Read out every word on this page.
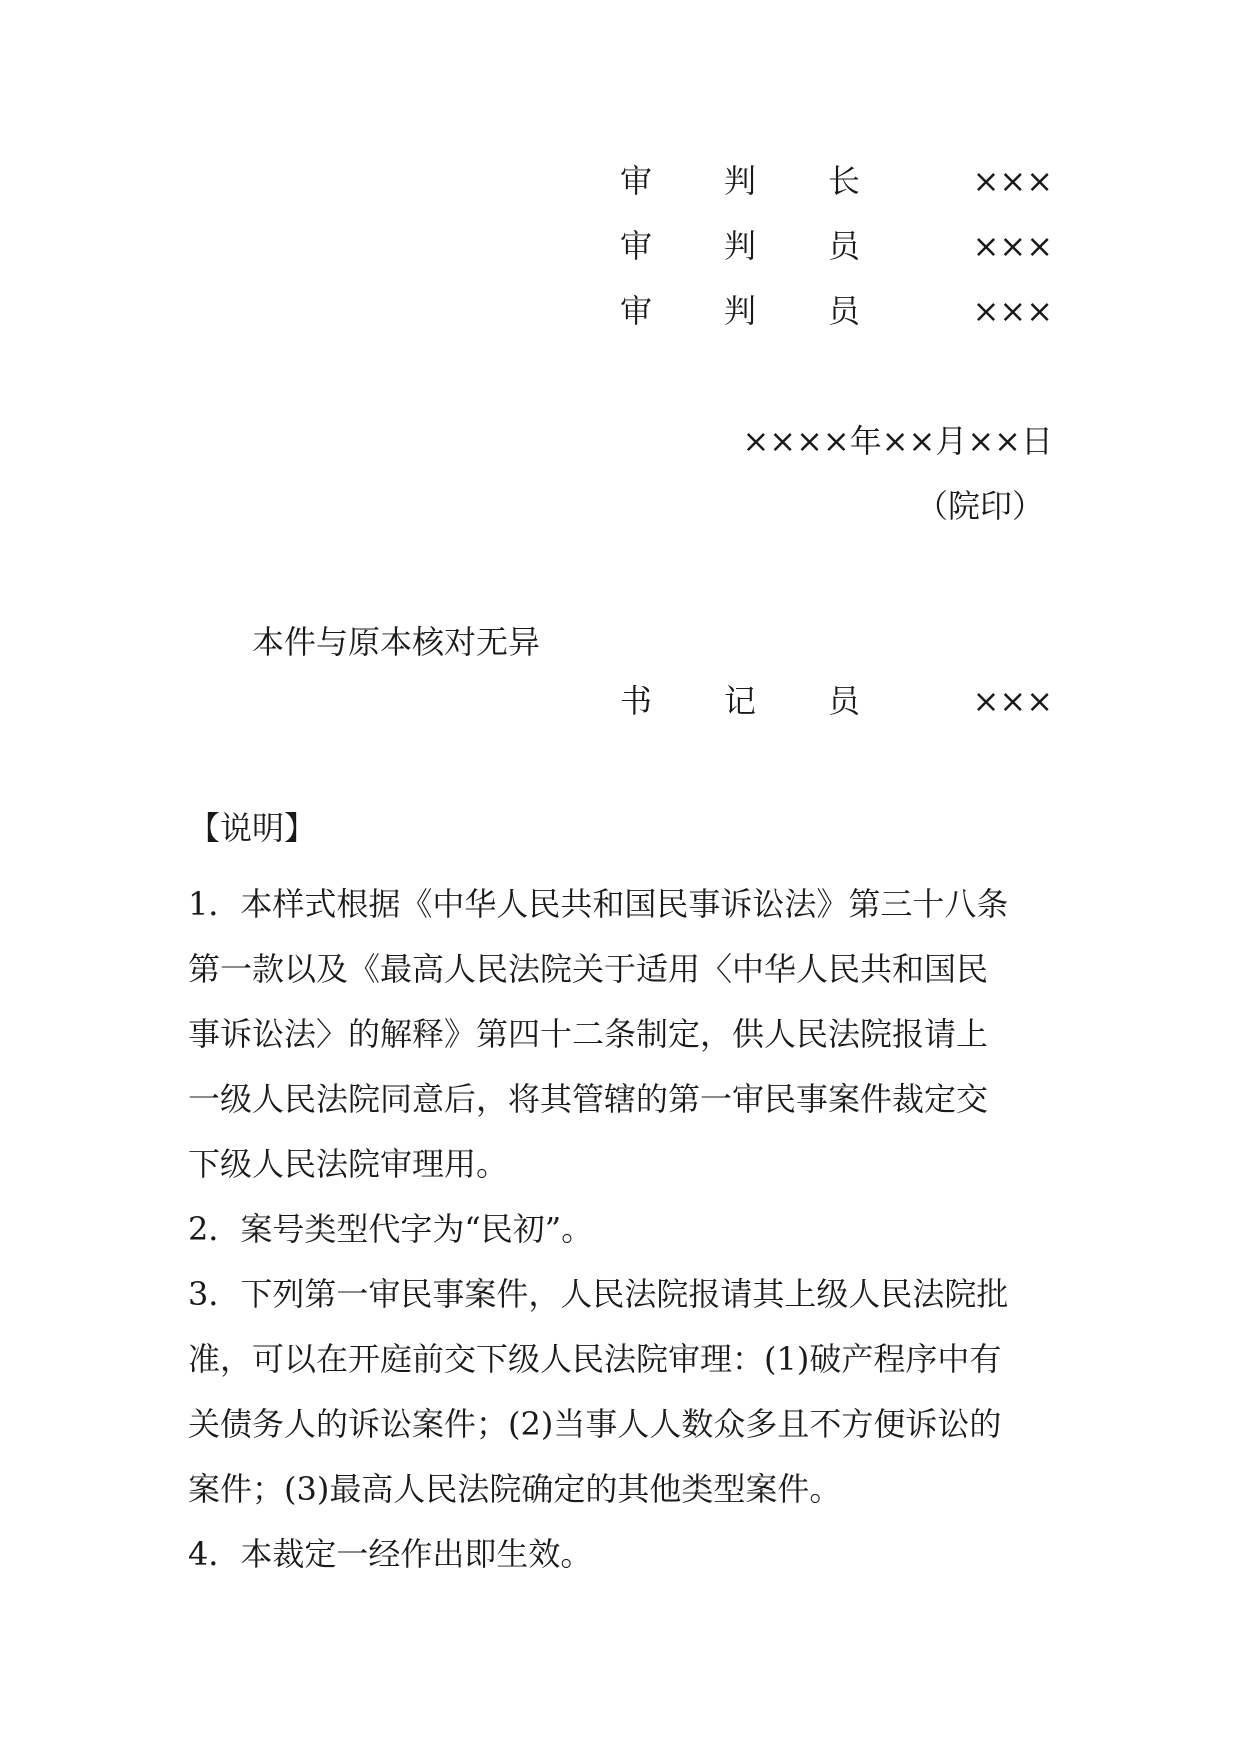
审 判 长	×××
审 判 员	×××
审 判 员	×××
××××年××月××日
（院印）
本件与原本核对无异
书 记 员	×××
【说明】

1．本样式根据《中华人民共和国民事诉讼法》第三十八条
第一款以及《最高人民法院关于适用〈中华人民共和国民
事诉讼法〉的解释》第四十二条制定，供人民法院报请上
一级人民法院同意后，将其管辖的第一审民事案件裁定交
下级人民法院审理用。

2．案号类型代字为“民初”。

3．下列第一审民事案件，人民法院报请其上级人民法院批
准，可以在开庭前交下级人民法院审理：(1)破产程序中有
关债务人的诉讼案件；(2)当事人人数众多且不方便诉讼的
案件；(3)最高人民法院确定的其他类型案件。

4．本裁定一经作出即生效。
